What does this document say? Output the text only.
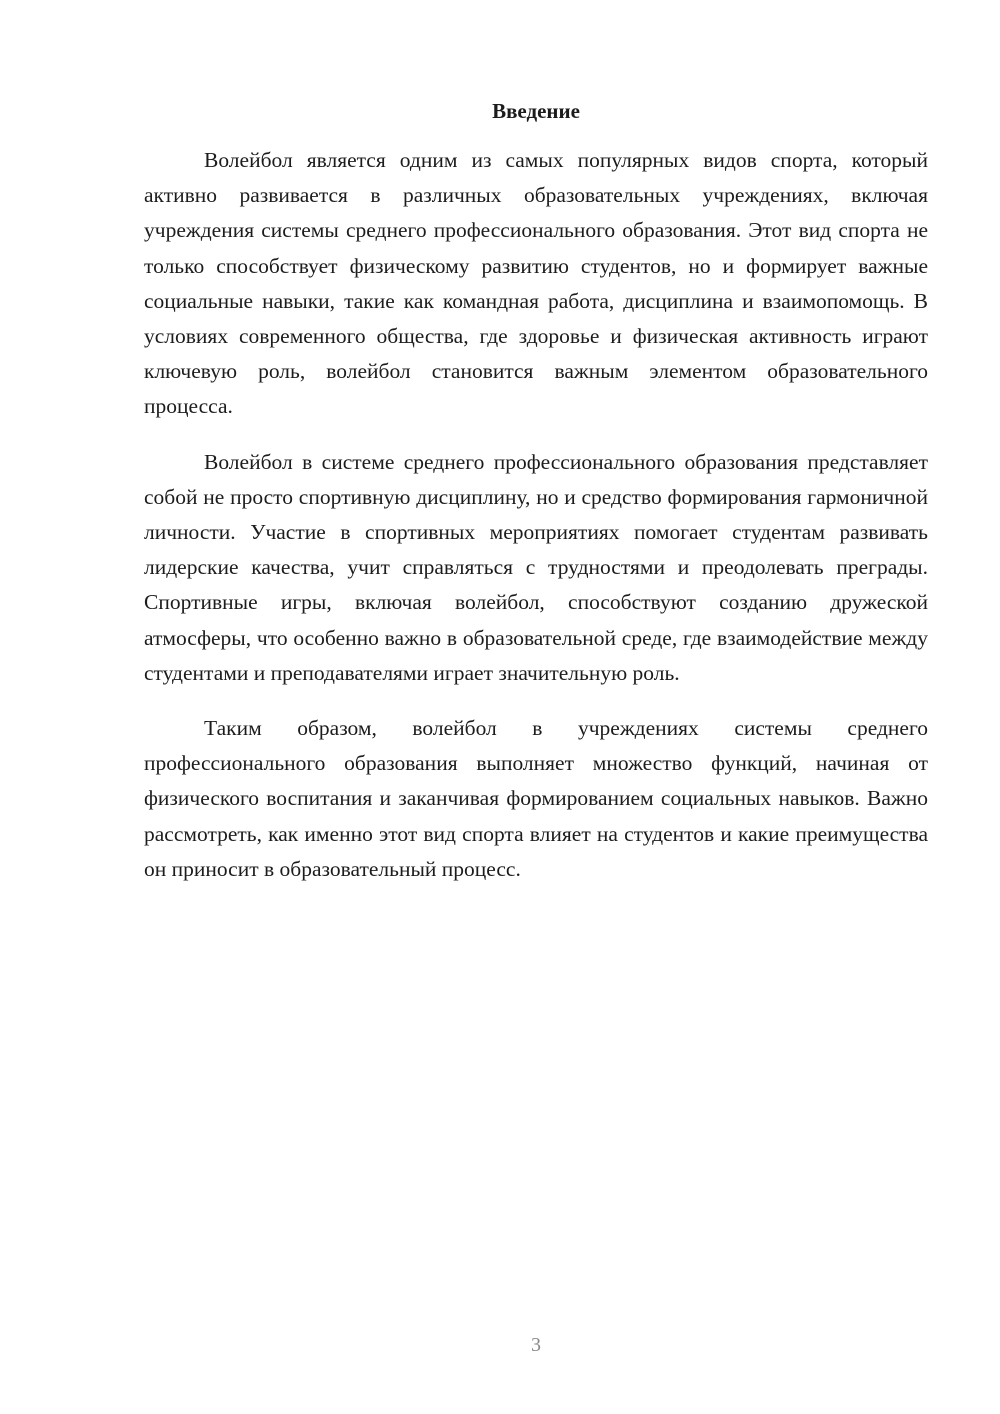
Введение

Волейбол является одним из самых популярных видов спорта, который активно развивается в различных образовательных учреждениях, включая учреждения системы среднего профессионального образования. Этот вид спорта не только способствует физическому развитию студентов, но и формирует важные социальные навыки, такие как командная работа, дисциплина и взаимопомощь. В условиях современного общества, где здоровье и физическая активность играют ключевую роль, волейбол становится важным элементом образовательного процесса.

Волейбол в системе среднего профессионального образования представляет собой не просто спортивную дисциплину, но и средство формирования гармоничной личности. Участие в спортивных мероприятиях помогает студентам развивать лидерские качества, учит справляться с трудностями и преодолевать преграды. Спортивные игры, включая волейбол, способствуют созданию дружеской атмосферы, что особенно важно в образовательной среде, где взаимодействие между студентами и преподавателями играет значительную роль.

Таким образом, волейбол в учреждениях системы среднего профессионального образования выполняет множество функций, начиная от физического воспитания и заканчивая формированием социальных навыков. Важно рассмотреть, как именно этот вид спорта влияет на студентов и какие преимущества он приносит в образовательный процесс.

3
